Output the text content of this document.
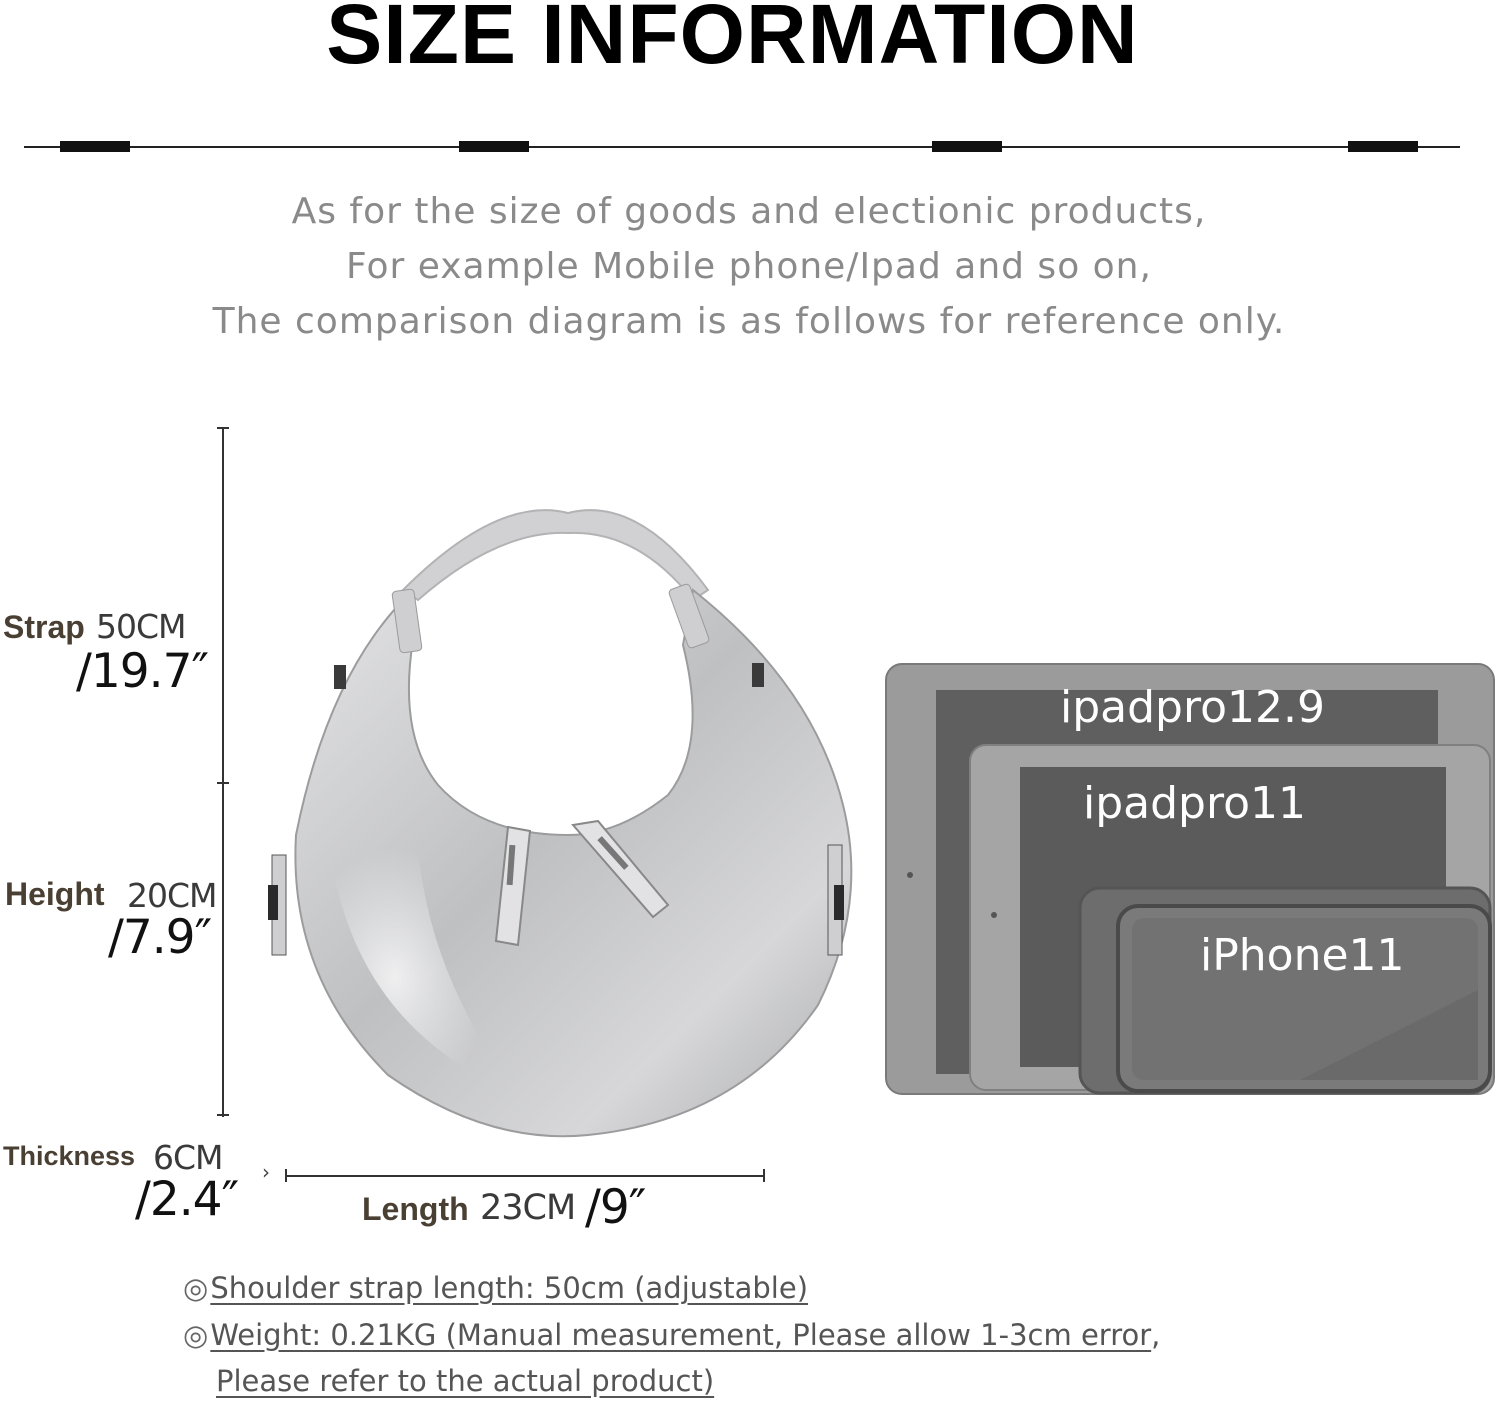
SIZE INFORMATION
As for the size of goods and electionic products,
For example Mobile phone/Ipad and so on,
The comparison diagram is as follows for reference only.
›
Strap 50CM
/19.7″
Height 20CM
/7.9″
Thickness 6CM
/2.4″	Length 23CM /9″
ipadpro12.9
ipadpro11
iPhone11
◎Shoulder strap length: 50cm (adjustable)
◎Weight: 0.21KG (Manual measurement, Please allow 1-3cm error,
Please refer to the actual product)
